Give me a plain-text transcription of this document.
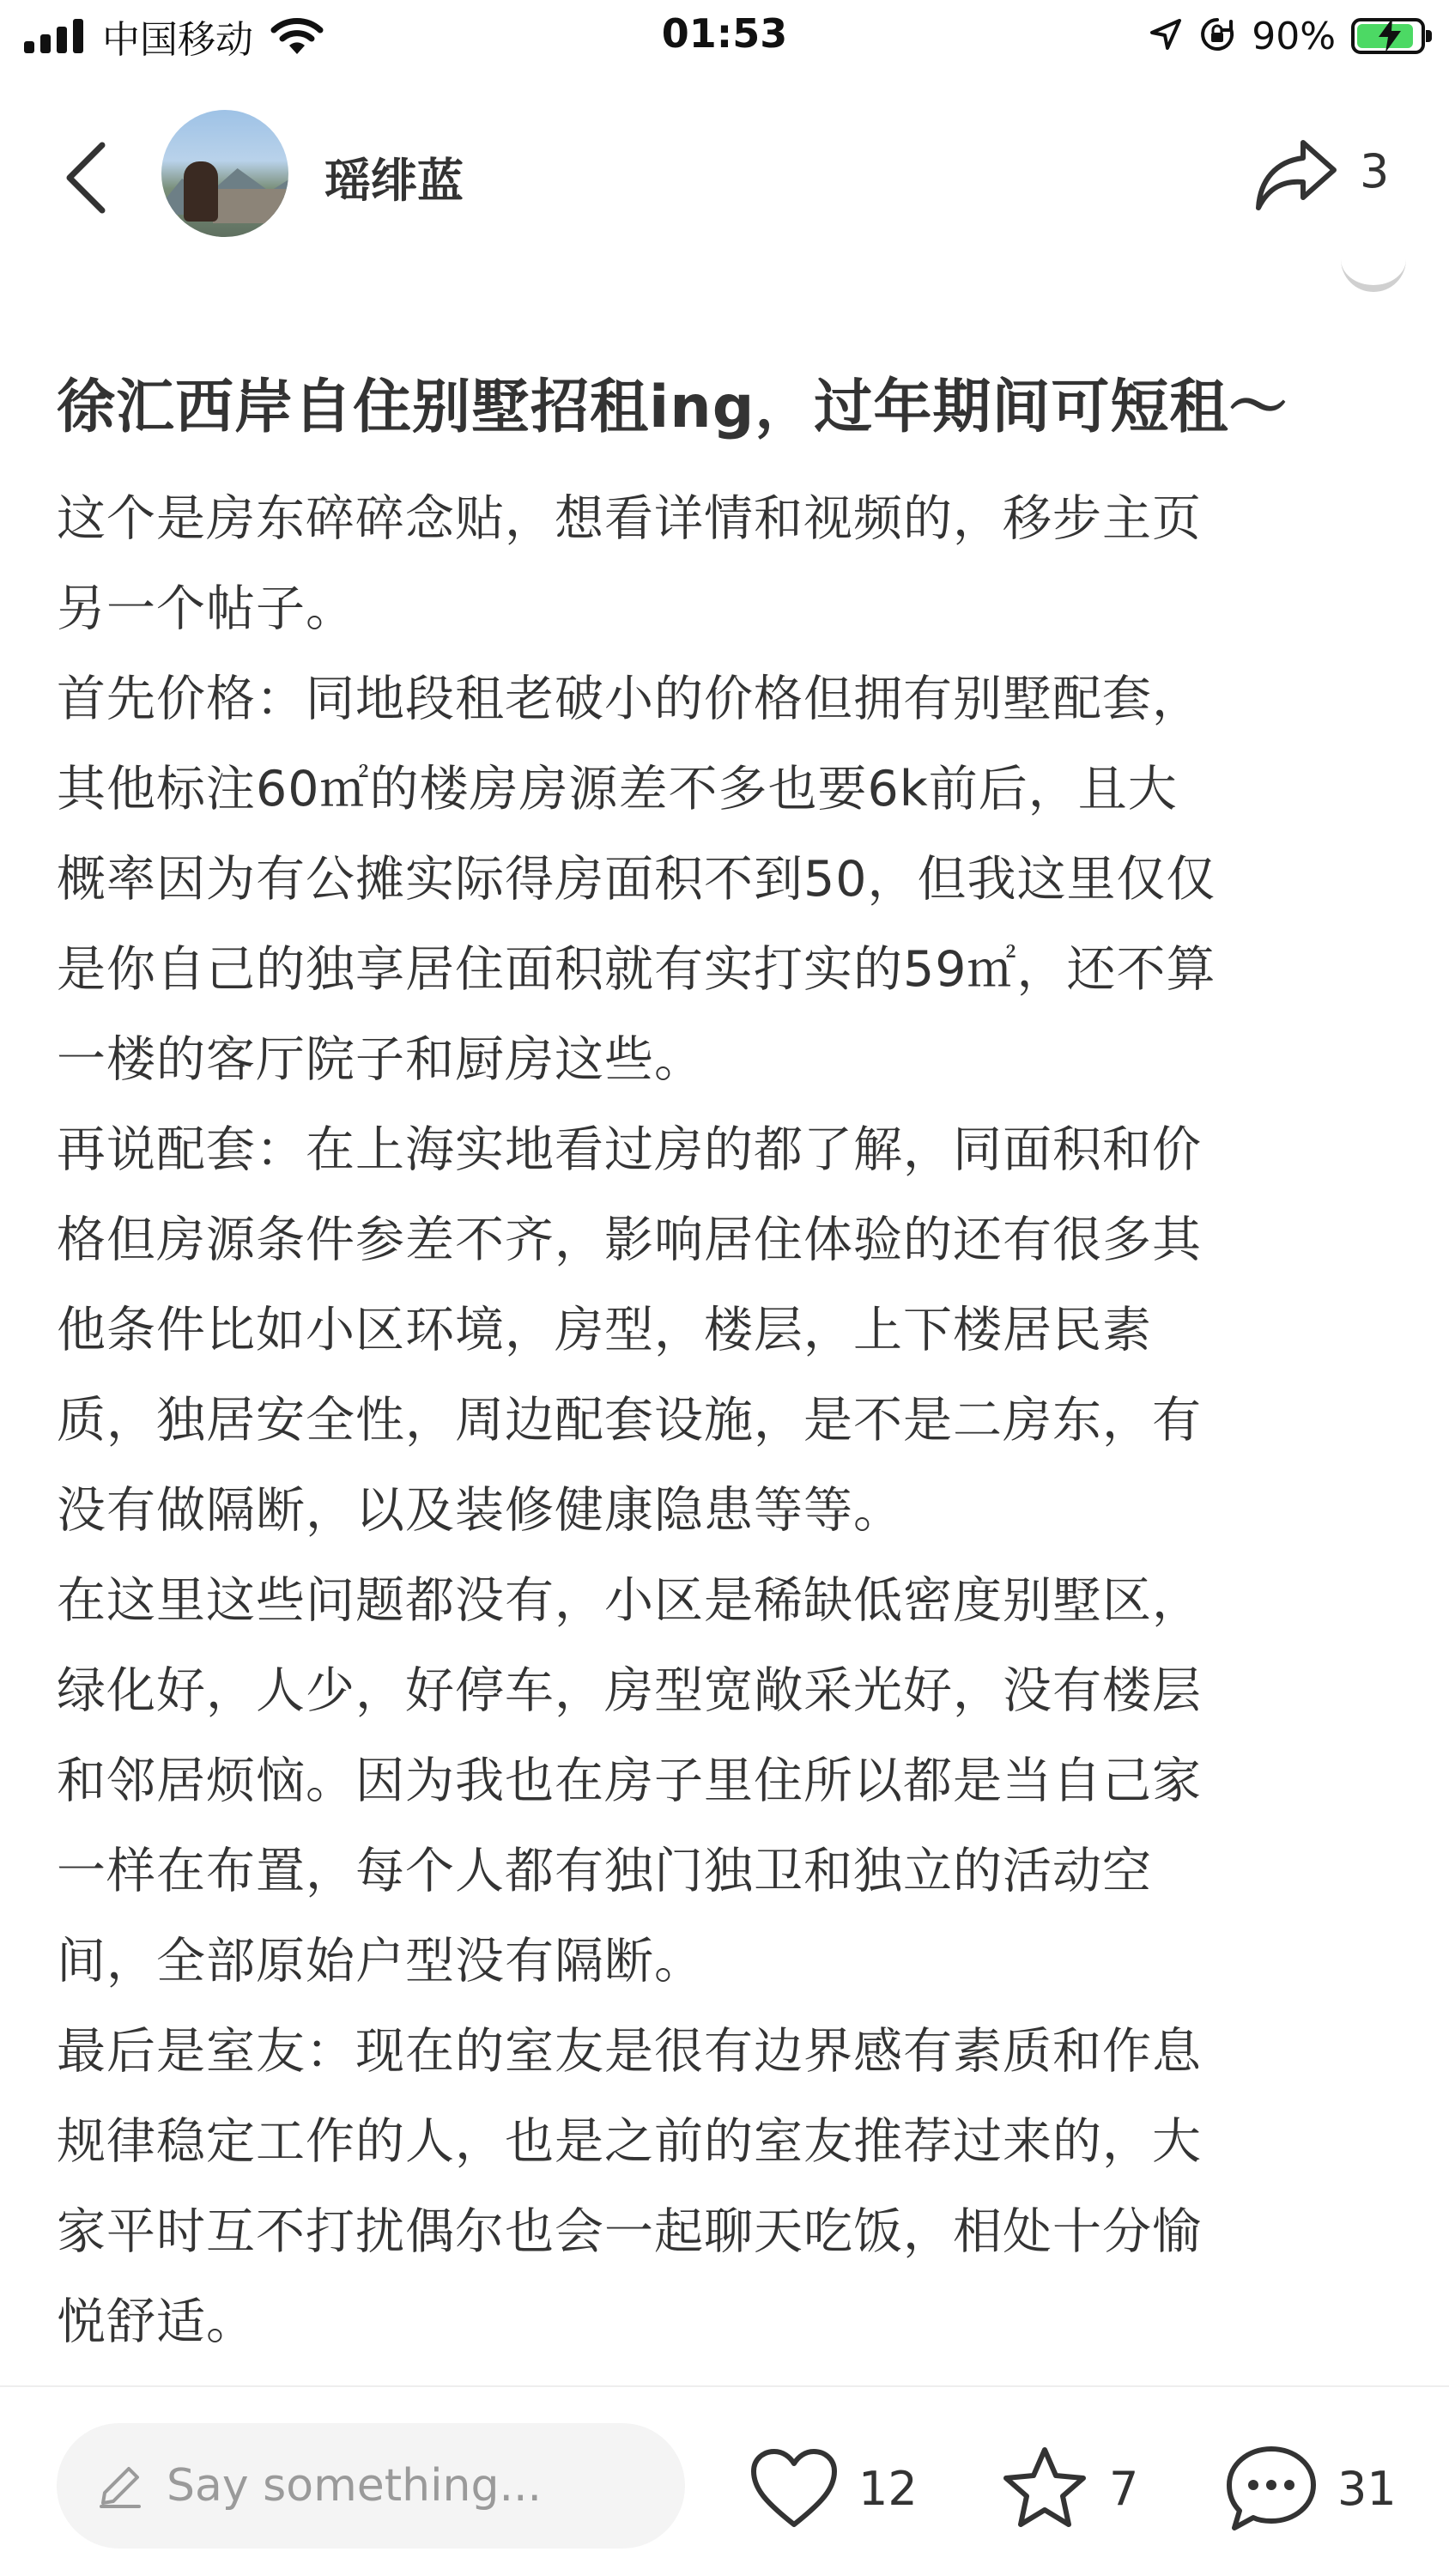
中国移动	01:53	90%
瑶绯蓝	3
徐汇西岸自住别墅招租ing，过年期间可短租～

这个是房东碎碎念贴，想看详情和视频的，移步主页

另一个帖子。

首先价格：同地段租老破小的价格但拥有别墅配套，

其他标注60㎡的楼房房源差不多也要6k前后，且大

概率因为有公摊实际得房面积不到50，但我这里仅仅

是你自己的独享居住面积就有实打实的59㎡，还不算

一楼的客厅院子和厨房这些。

再说配套：在上海实地看过房的都了解，同面积和价

格但房源条件参差不齐，影响居住体验的还有很多其

他条件比如小区环境，房型，楼层，上下楼居民素

质，独居安全性，周边配套设施，是不是二房东，有

没有做隔断，以及装修健康隐患等等。

在这里这些问题都没有，小区是稀缺低密度别墅区，

绿化好，人少，好停车，房型宽敞采光好，没有楼层

和邻居烦恼。因为我也在房子里住所以都是当自己家

一样在布置，每个人都有独门独卫和独立的活动空

间，全部原始户型没有隔断。

最后是室友：现在的室友是很有边界感有素质和作息

规律稳定工作的人，也是之前的室友推荐过来的，大

家平时互不打扰偶尔也会一起聊天吃饭，相处十分愉

悦舒适。

Say something...	12	7	31
